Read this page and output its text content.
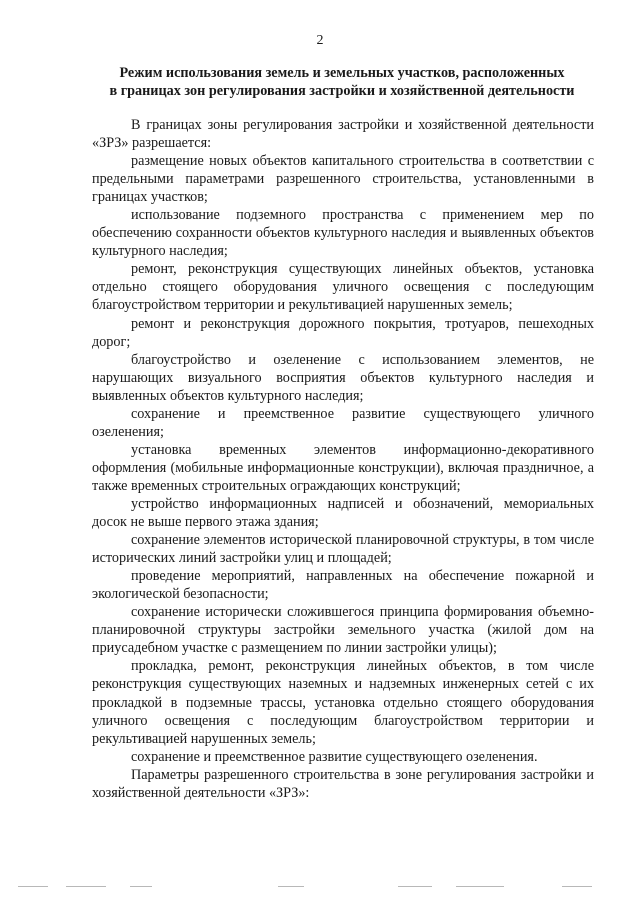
2
Режим использования земель и земельных участков, расположенных
в границах зон регулирования застройки и хозяйственной деятельности

В границах зоны регулирования застройки и хозяйственной деятельности «ЗРЗ» разрешается:

размещение новых объектов капитального строительства в соответствии с предельными параметрами разрешенного строительства, установленными в границах участков;

использование подземного пространства с применением мер по обеспечению сохранности объектов культурного наследия и выявленных объектов культурного наследия;

ремонт, реконструкция существующих линейных объектов, установка отдельно стоящего оборудования уличного освещения с последующим благоустройством территории и рекультивацией нарушенных земель;

ремонт и реконструкция дорожного покрытия, тротуаров, пешеходных дорог;

благоустройство и озеленение с использованием элементов, не нарушающих визуального восприятия объектов культурного наследия и выявленных объектов культурного наследия;

сохранение и преемственное развитие существующего уличного озеленения;

установка временных элементов информационно-декоративного оформления (мобильные информационные конструкции), включая праздничное, а также временных строительных ограждающих конструкций;

устройство информационных надписей и обозначений, мемориальных досок не выше первого этажа здания;

сохранение элементов исторической планировочной структуры, в том числе исторических линий застройки улиц и площадей;

проведение мероприятий, направленных на обеспечение пожарной и экологической безопасности;

сохранение исторически сложившегося принципа формирования объемно-планировочной структуры застройки земельного участка (жилой дом на приусадебном участке с размещением по линии застройки улицы);

прокладка, ремонт, реконструкция линейных объектов, в том числе реконструкция существующих наземных и надземных инженерных сетей с их прокладкой в подземные трассы, установка отдельно стоящего оборудования уличного освещения с последующим благоустройством территории и рекультивацией нарушенных земель;

сохранение и преемственное развитие существующего озеленения.

Параметры разрешенного строительства в зоне регулирования застройки и хозяйственной деятельности «ЗРЗ»:
